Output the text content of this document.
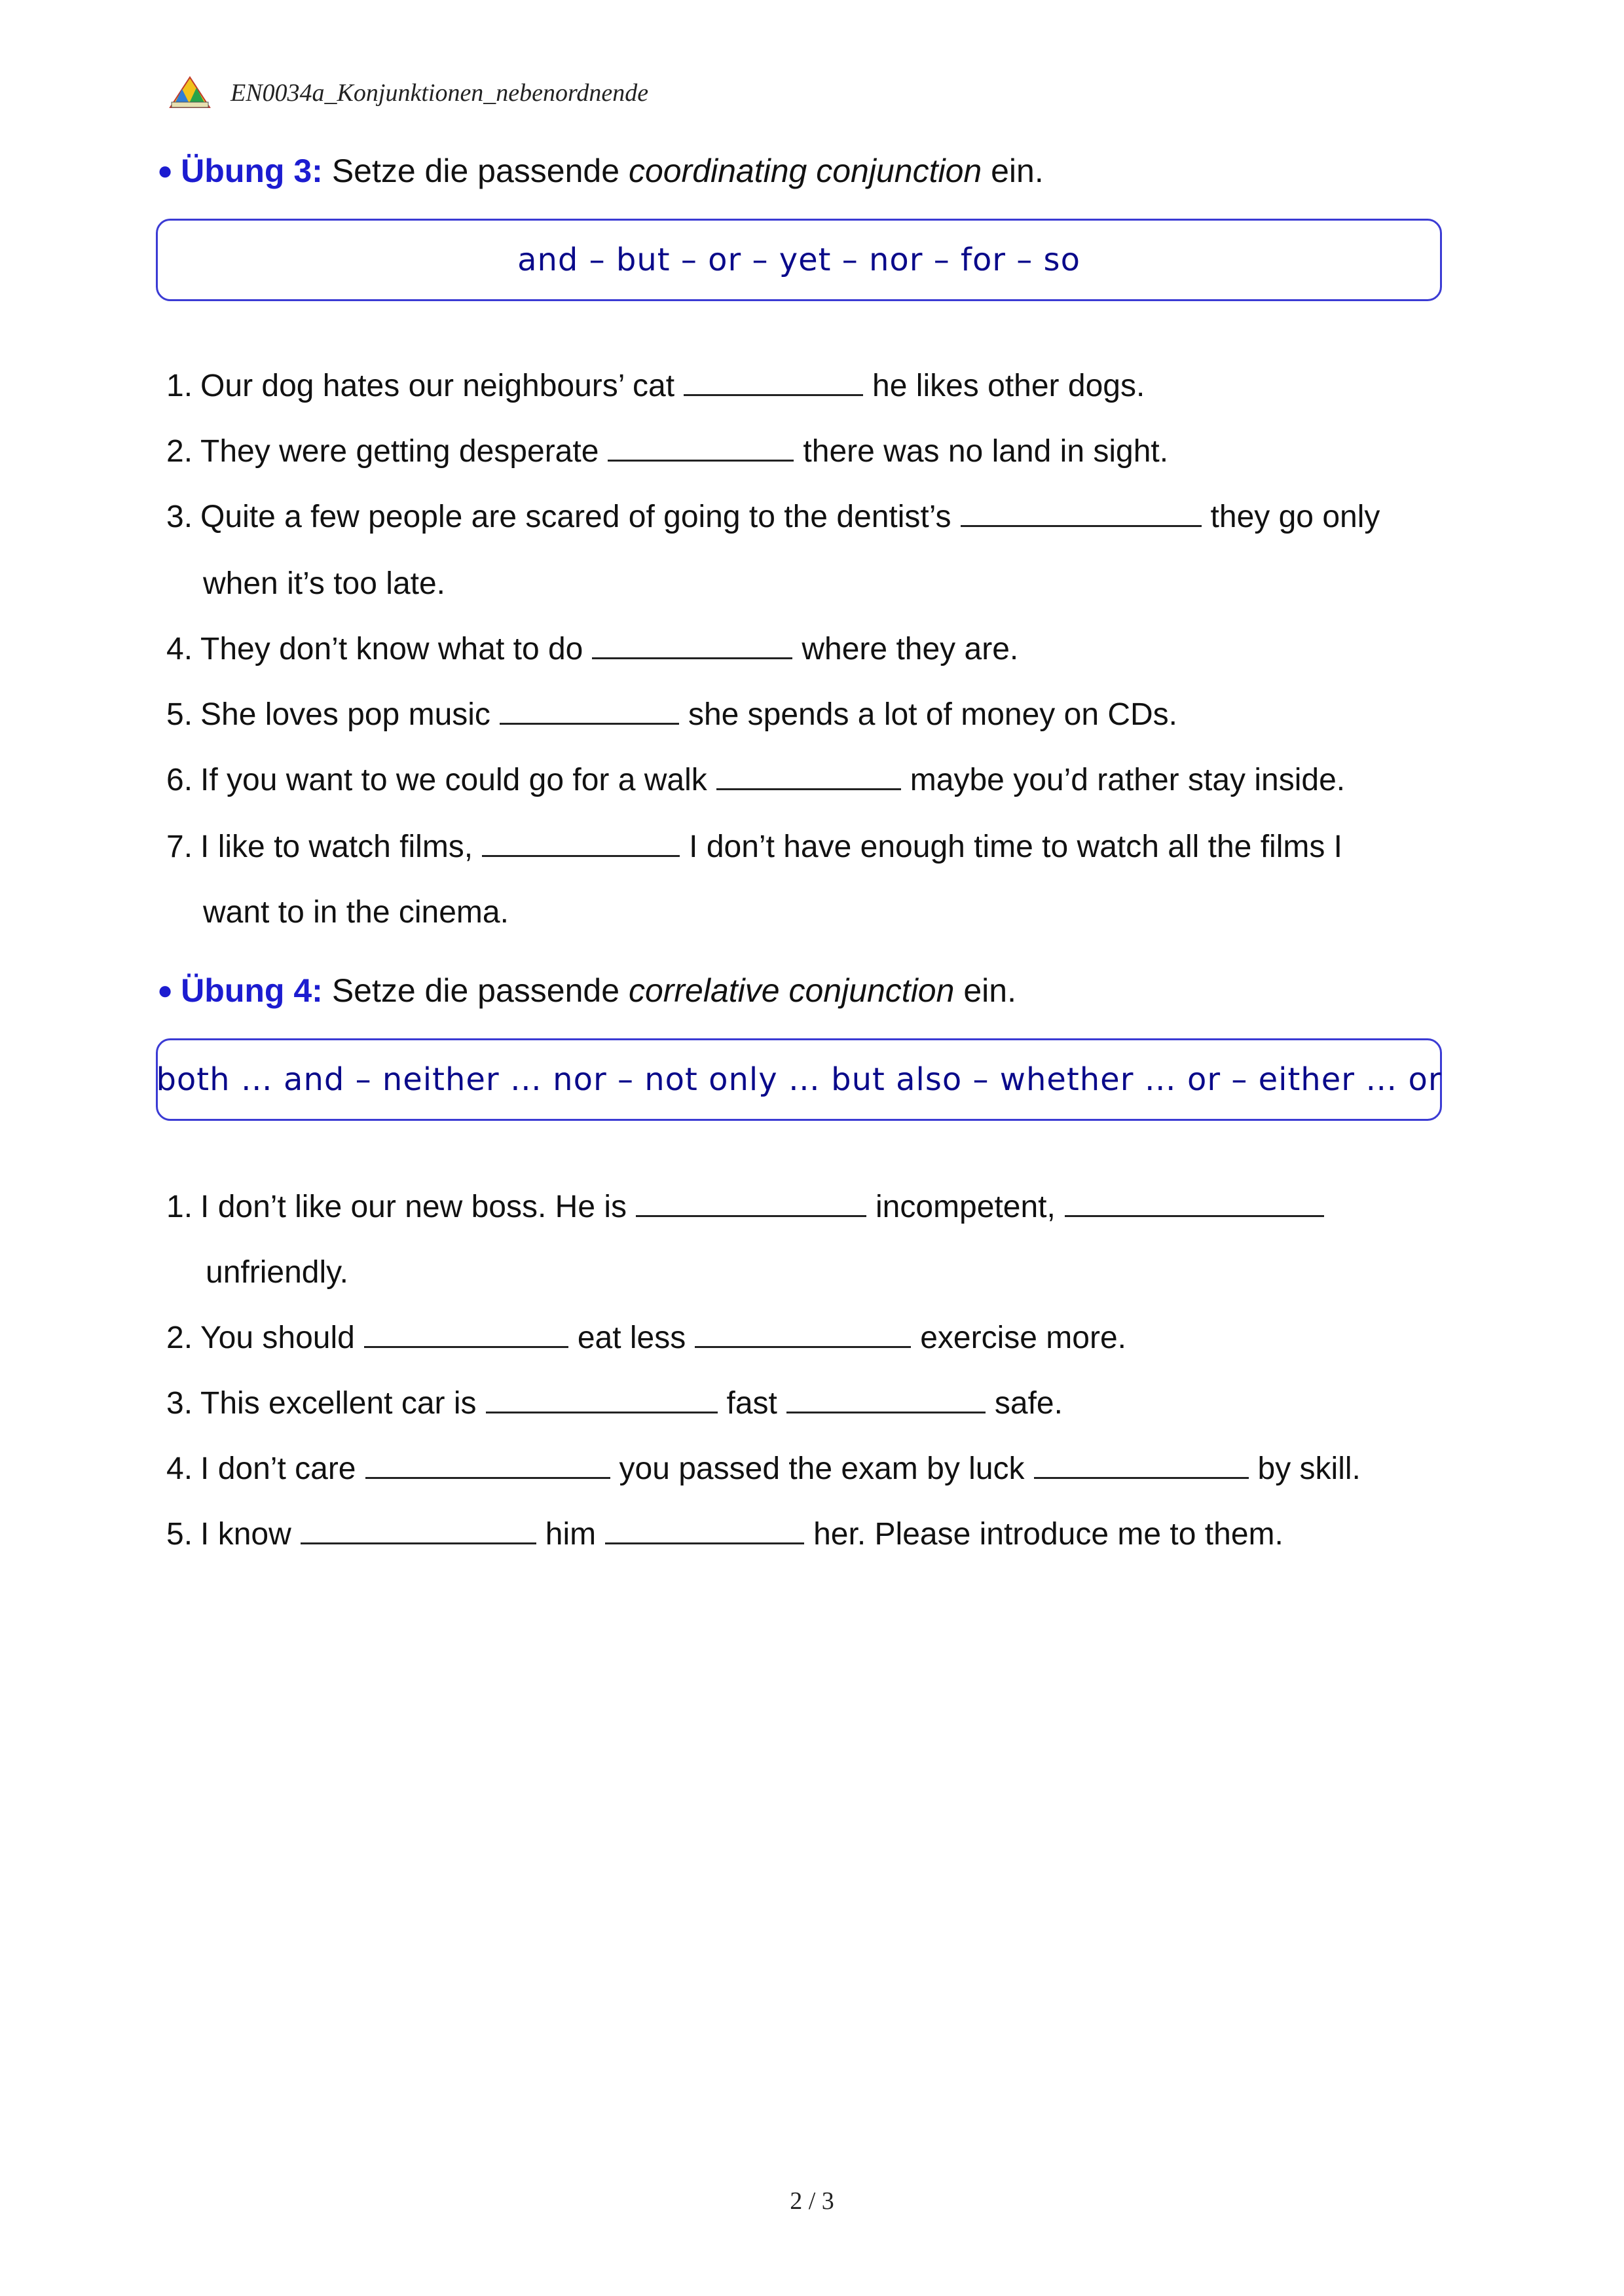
EN0034a_Konjunktionen_nebenordnende
● Übung 3: Setze die passende coordinating conjunction ein.
and – but – or – yet – nor – for – so
1. Our dog hates our neighbours’ cat	he likes other dogs.
2. They were getting desperate	there was no land in sight.
3. Quite a few people are scared of going to the dentist’s	they go only
when it’s too late.
4. They don’t know what to do	where they are.
5. She loves pop music	she spends a lot of money on CDs.
6. If you want to we could go for a walk	maybe you’d rather stay inside.
7. I like to watch films,	I don’t have enough time to watch all the films I
want to in the cinema.
● Übung 4: Setze die passende correlative conjunction ein.
both … and – neither … nor – not only … but also – whether … or – either … or
1. I don’t like our new boss. He is	incompetent,
unfriendly.
2. You should	eat less	exercise more.
3. This excellent car is	fast	safe.
4. I don’t care	you passed the exam by luck	by skill.
5. I know	him	her. Please introduce me to them.
2 / 3
